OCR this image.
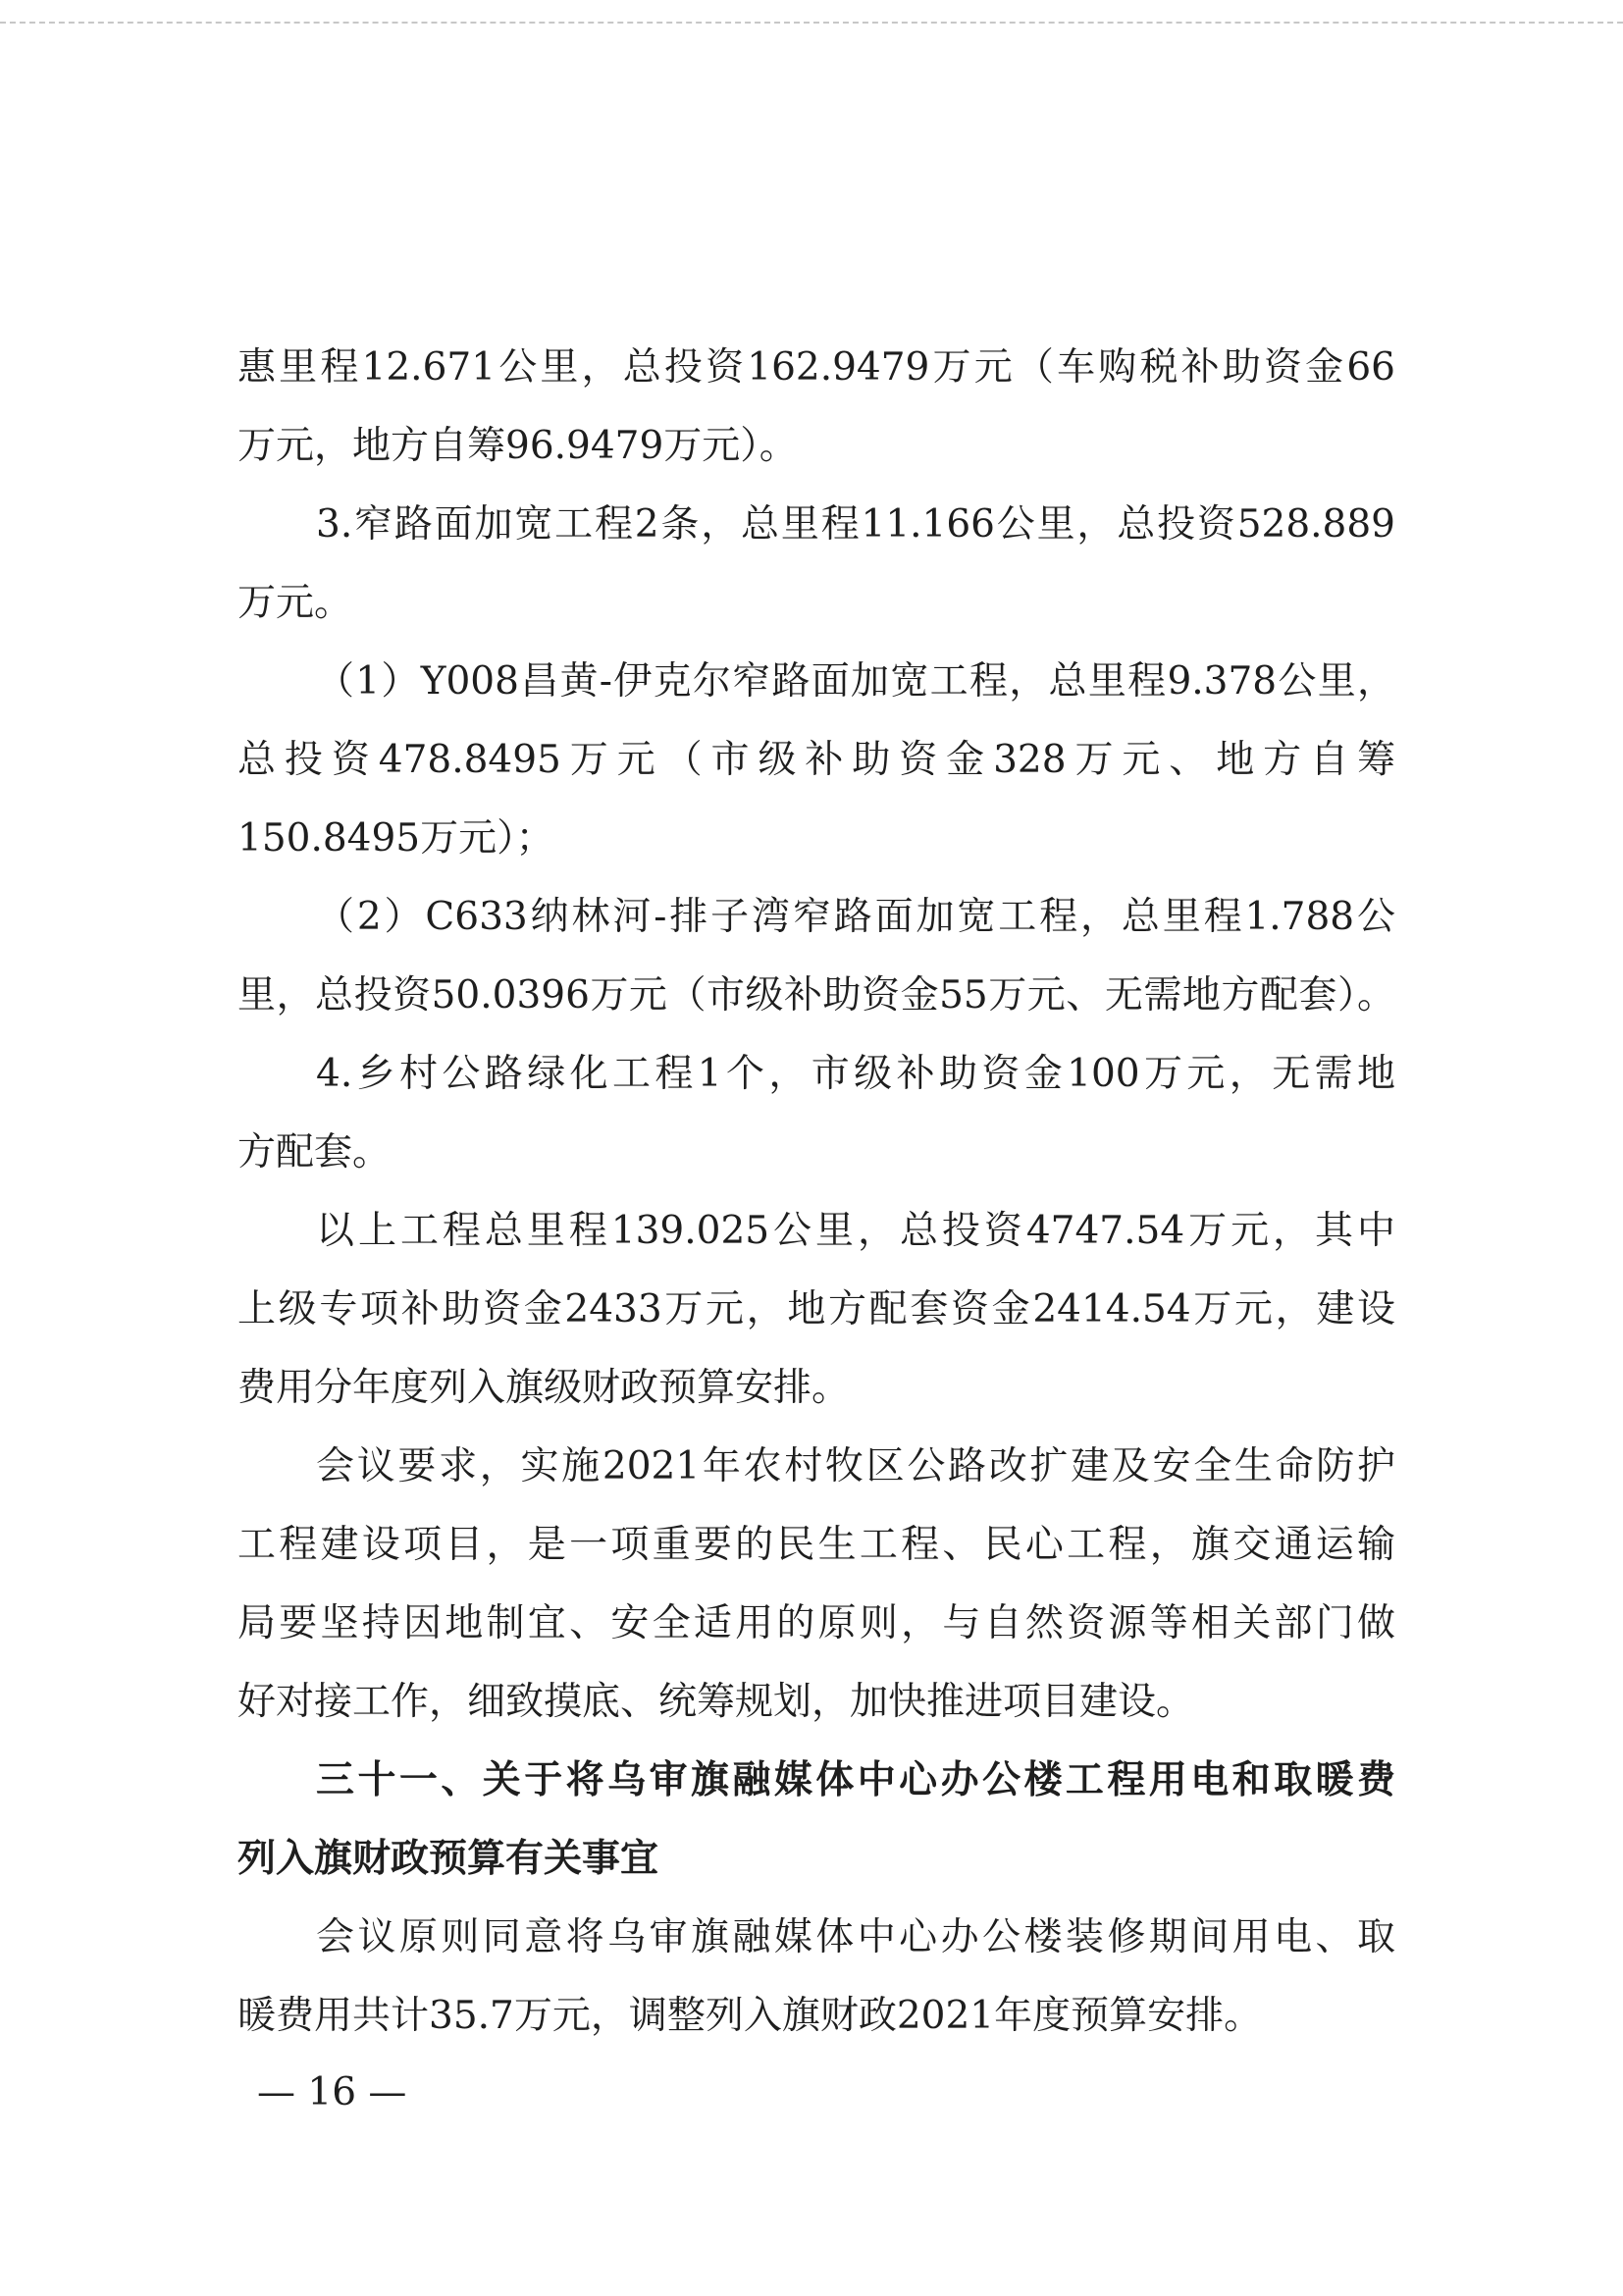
惠里程12.671公里，总投资162.9479万元（车购税补助资金66
万元，地方自筹96.9479万元）。
3.窄路面加宽工程2条，总里程11.166公里，总投资528.889
万元。
（1）Y008昌黄-伊克尔窄路面加宽工程，总里程9.378公里，
总投资478.8495万元（市级补助资金328万元、地方自筹
150.8495万元）；
（2）C633纳林河-排子湾窄路面加宽工程，总里程1.788公
里，总投资50.0396万元（市级补助资金55万元、无需地方配套）。
4.乡村公路绿化工程1个，市级补助资金100万元，无需地
方配套。
以上工程总里程139.025公里，总投资4747.54万元，其中
上级专项补助资金2433万元，地方配套资金2414.54万元，建设
费用分年度列入旗级财政预算安排。
会议要求，实施2021年农村牧区公路改扩建及安全生命防护
工程建设项目，是一项重要的民生工程、民心工程，旗交通运输
局要坚持因地制宜、安全适用的原则，与自然资源等相关部门做
好对接工作，细致摸底、统筹规划，加快推进项目建设。
三十一、关于将乌审旗融媒体中心办公楼工程用电和取暖费
列入旗财政预算有关事宜
会议原则同意将乌审旗融媒体中心办公楼装修期间用电、取
暖费用共计35.7万元，调整列入旗财政2021年度预算安排。
— 16 —
